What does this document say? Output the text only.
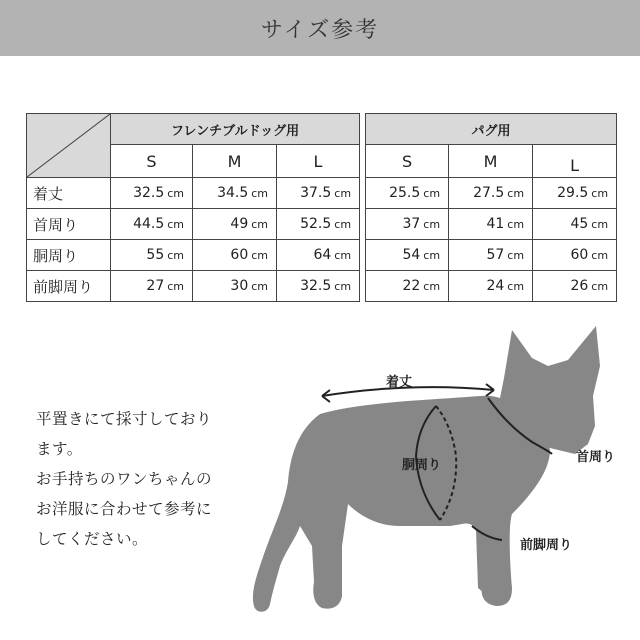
サイズ参考
	フレンチブルドッグ用				パグ用		
	S	M	L		S	M	L
着丈	32.5 cm	34.5 cm	37.5 cm		25.5 cm	27.5 cm	29.5 cm
首周り	44.5 cm	49 cm	52.5 cm		37 cm	41 cm	45 cm
胴周り	55 cm	60 cm	64 cm		54 cm	57 cm	60 cm
前脚周り	27 cm	30 cm	32.5 cm		22 cm	24 cm	26 cm
平置きにて採寸しており
ます。
お手持ちのワンちゃんの
お洋服に合わせて参考に
してください。
着丈
首周り
胴周り
前脚周り
